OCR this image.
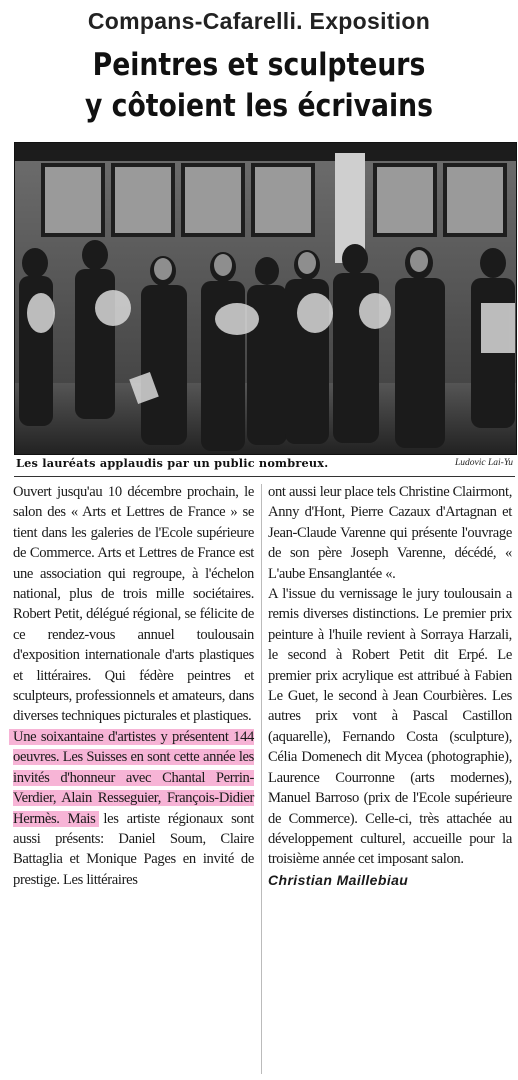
Compans-Cafarelli. Exposition
Peintres et sculpteurs
y côtoient les écrivains
Les lauréats applaudis par un public nombreux.	Ludovic Lai-Yu

Ouvert jusqu'au 10 décembre prochain, le salon des « Arts et Lettres de France » se tient dans les galeries de l'Ecole supérieure de Commerce. Arts et Lettres de France est une association qui regroupe, à l'échelon national, plus de trois mille sociétaires. Robert Petit, délégué régional, se félicite de ce rendez-vous annuel toulousain d'exposition internationale d'arts plastiques et littéraires. Qui fédère peintres et sculpteurs, professionnels et amateurs, dans diverses techniques picturales et plastiques.

Une soixantaine d'artistes y présentent 144 oeuvres. Les Suisses en sont cette année les invités d'honneur avec Chantal Perrin-Verdier, Alain Resseguier, François-Didier Hermès. Mais les artiste régionaux sont aussi présents: Daniel Soum, Claire Battaglia et Monique Pages en invité de prestige. Les littéraires

ont aussi leur place tels Christine Clairmont, Anny d'Hont, Pierre Cazaux d'Artagnan et Jean-Claude Varenne qui présente l'ouvrage de son père Joseph Varenne, décédé, « L'aube Ensanglantée «.

A l'issue du vernissage le jury toulousain a remis diverses distinctions. Le premier prix peinture à l'huile revient à Sorraya Harzali, le second à Robert Petit dit Erpé. Le premier prix acrylique est attribué à Fabien Le Guet, le second à Jean Courbières. Les autres prix vont à Pascal Castillon (aquarelle), Fernando Costa (sculpture), Célia Domenech dit Mycea (photographie), Laurence Courronne (arts modernes), Manuel Barroso (prix de l'Ecole supérieure de Commerce). Celle-ci, très attachée au développement culturel, accueille pour la troisième année cet imposant salon.

Christian Maillebiau
